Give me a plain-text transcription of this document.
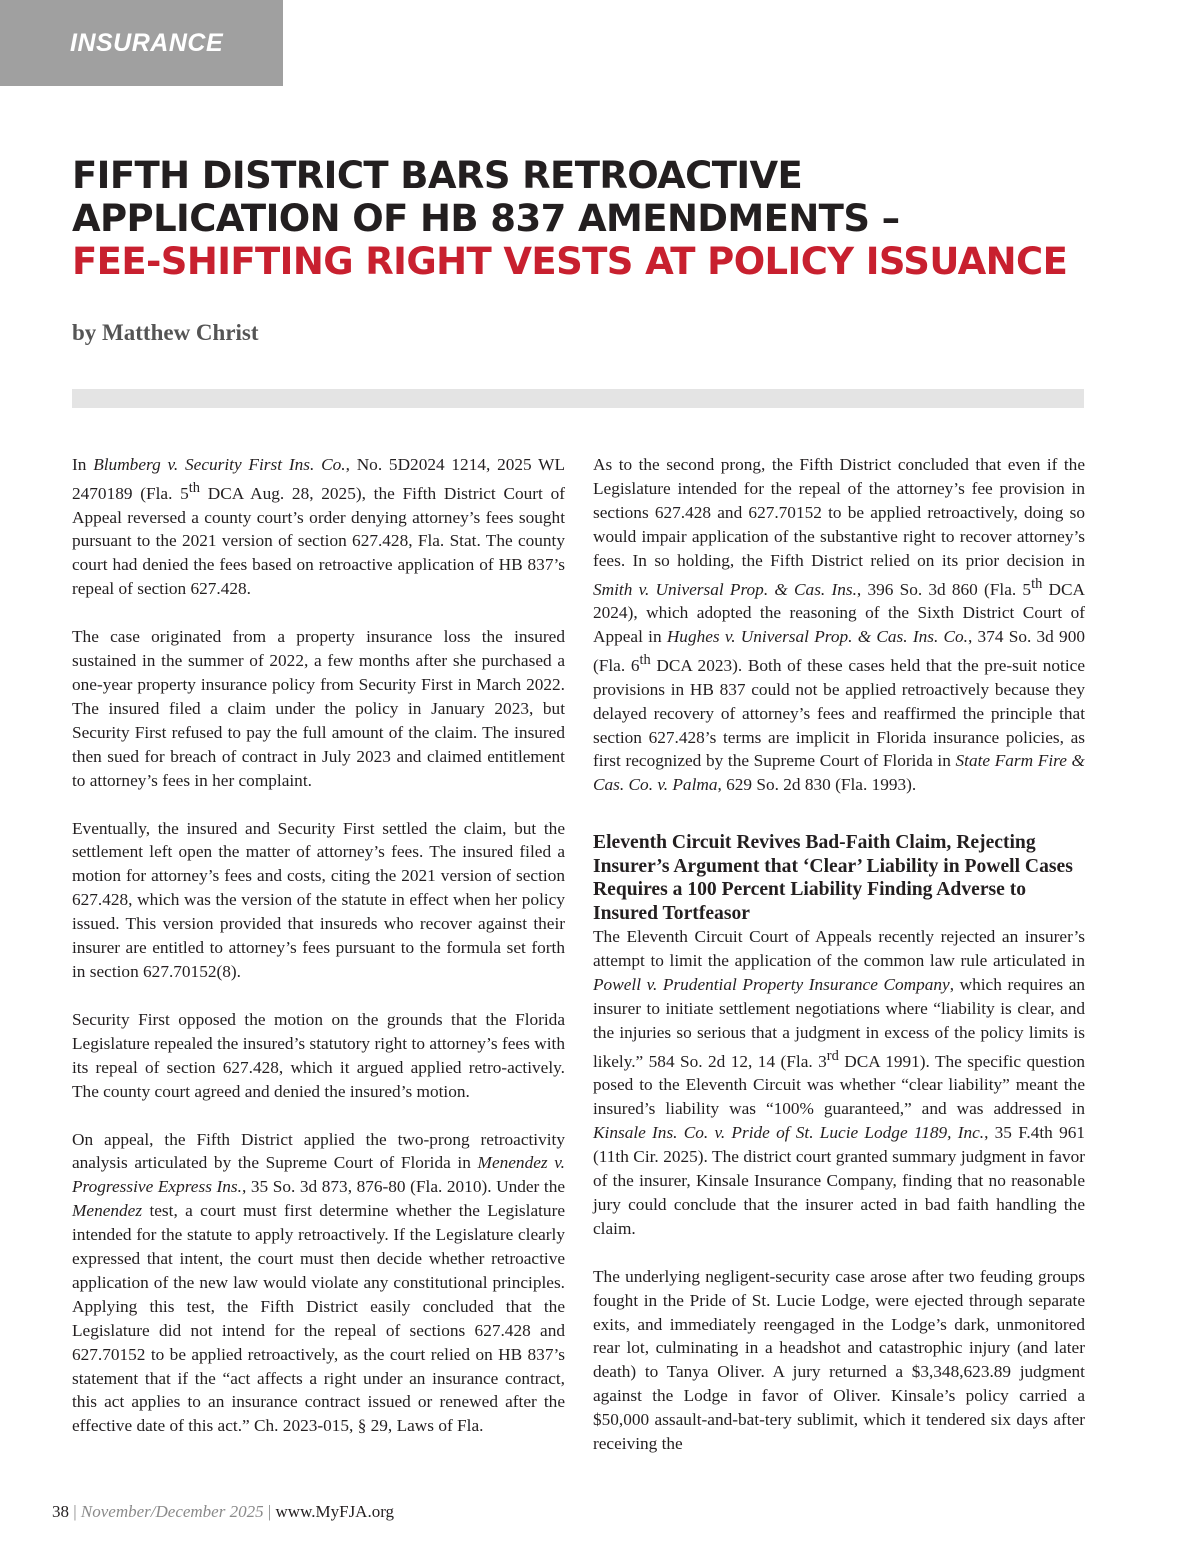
INSURANCE
FIFTH DISTRICT BARS RETROACTIVE
APPLICATION OF HB 837 AMENDMENTS –
FEE-SHIFTING RIGHT VESTS AT POLICY ISSUANCE

by Matthew Christ

In Blumberg v. Security First Ins. Co., No. 5D2024 1214, 2025 WL 2470189 (Fla. 5th DCA Aug. 28, 2025), the Fifth District Court of Appeal reversed a county court’s order denying attorney’s fees sought pursuant to the 2021 version of section 627.428, Fla. Stat. The county court had denied the fees based on retroactive application of HB 837’s repeal of section 627.428.

The case originated from a property insurance loss the insured sustained in the summer of 2022, a few months after she purchased a one-year property insurance policy from Security First in March 2022. The insured filed a claim under the policy in January 2023, but Security First refused to pay the full amount of the claim. The insured then sued for breach of contract in July 2023 and claimed entitlement to attorney’s fees in her complaint.

Eventually, the insured and Security First settled the claim, but the settlement left open the matter of attorney’s fees. The insured filed a motion for attorney’s fees and costs, citing the 2021 version of section 627.428, which was the version of the statute in effect when her policy issued. This version provided that insureds who recover against their insurer are entitled to attorney’s fees pursuant to the formula set forth in section 627.70152(8).

Security First opposed the motion on the grounds that the Florida Legislature repealed the insured’s statutory right to attorney’s fees with its repeal of section 627.428, which it argued applied retro-actively. The county court agreed and denied the insured’s motion.

On appeal, the Fifth District applied the two-prong retroactivity analysis articulated by the Supreme Court of Florida in Menendez v. Progressive Express Ins., 35 So. 3d 873, 876-80 (Fla. 2010). Under the Menendez test, a court must first determine whether the Legislature intended for the statute to apply retroactively. If the Legislature clearly expressed that intent, the court must then decide whether retroactive application of the new law would violate any constitutional principles. Applying this test, the Fifth District easily concluded that the Legislature did not intend for the repeal of sections 627.428 and 627.70152 to be applied retroactively, as the court relied on HB 837’s statement that if the “act affects a right under an insurance contract, this act applies to an insurance contract issued or renewed after the effective date of this act.” Ch. 2023-015, § 29, Laws of Fla.

As to the second prong, the Fifth District concluded that even if the Legislature intended for the repeal of the attorney’s fee provision in sections 627.428 and 627.70152 to be applied retroactively, doing so would impair application of the substantive right to recover attorney’s fees. In so holding, the Fifth District relied on its prior decision in Smith v. Universal Prop. & Cas. Ins., 396 So. 3d 860 (Fla. 5th DCA 2024), which adopted the reasoning of the Sixth District Court of Appeal in Hughes v. Universal Prop. & Cas. Ins. Co., 374 So. 3d 900 (Fla. 6th DCA 2023). Both of these cases held that the pre-suit notice provisions in HB 837 could not be applied retroactively because they delayed recovery of attorney’s fees and reaffirmed the principle that section 627.428’s terms are implicit in Florida insurance policies, as first recognized by the Supreme Court of Florida in State Farm Fire & Cas. Co. v. Palma, 629 So. 2d 830 (Fla. 1993).

Eleventh Circuit Revives Bad-Faith Claim, Rejecting Insurer’s Argument that ‘Clear’ Liability in Powell Cases Requires a 100 Percent Liability Finding Adverse to Insured Tortfeasor

The Eleventh Circuit Court of Appeals recently rejected an insurer’s attempt to limit the application of the common law rule articulated in Powell v. Prudential Property Insurance Company, which requires an insurer to initiate settlement negotiations where “liability is clear, and the injuries so serious that a judgment in excess of the policy limits is likely.” 584 So. 2d 12, 14 (Fla. 3rd DCA 1991). The specific question posed to the Eleventh Circuit was whether “clear liability” meant the insured’s liability was “100% guaranteed,” and was addressed in Kinsale Ins. Co. v. Pride of St. Lucie Lodge 1189, Inc., 35 F.4th 961 (11th Cir. 2025). The district court granted summary judgment in favor of the insurer, Kinsale Insurance Company, finding that no reasonable jury could conclude that the insurer acted in bad faith handling the claim.

The underlying negligent-security case arose after two feuding groups fought in the Pride of St. Lucie Lodge, were ejected through separate exits, and immediately reengaged in the Lodge’s dark, unmonitored rear lot, culminating in a headshot and catastrophic injury (and later death) to Tanya Oliver. A jury returned a $3,348,623.89 judgment against the Lodge in favor of Oliver. Kinsale’s policy carried a $50,000 assault-and-bat-tery sublimit, which it tendered six days after receiving the

38 | November/December 2025 | www.MyFJA.org
